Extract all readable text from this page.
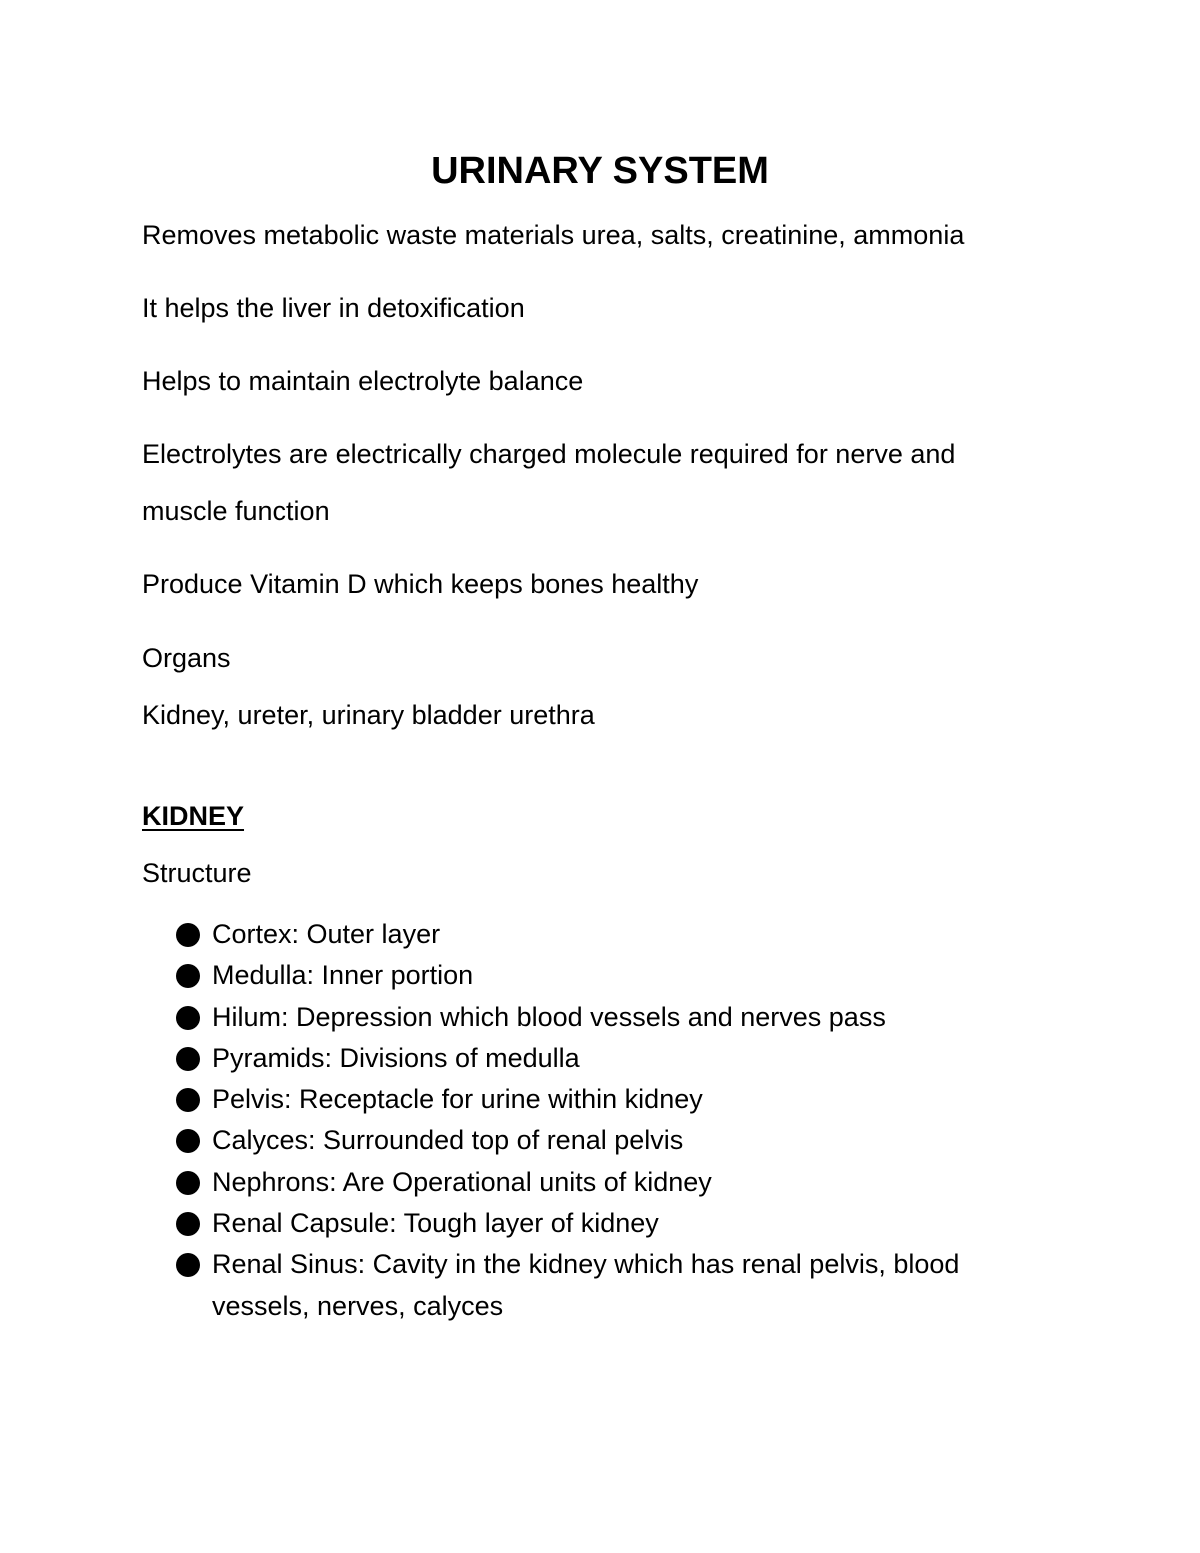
URINARY SYSTEM

Removes metabolic waste materials urea, salts, creatinine, ammonia

It helps the liver in detoxification

Helps to maintain electrolyte balance

Electrolytes are electrically charged molecule required for nerve and

muscle function

Produce Vitamin D which keeps bones healthy

Organs

Kidney, ureter, urinary bladder urethra

KIDNEY

Structure

Cortex: Outer layer
Medulla: Inner portion
Hilum: Depression which blood vessels and nerves pass
Pyramids: Divisions of medulla
Pelvis: Receptacle for urine within kidney
Calyces: Surrounded top of renal pelvis
Nephrons: Are Operational units of kidney
Renal Capsule: Tough layer of kidney
Renal Sinus: Cavity in the kidney which has renal pelvis, blood vessels, nerves, calyces
